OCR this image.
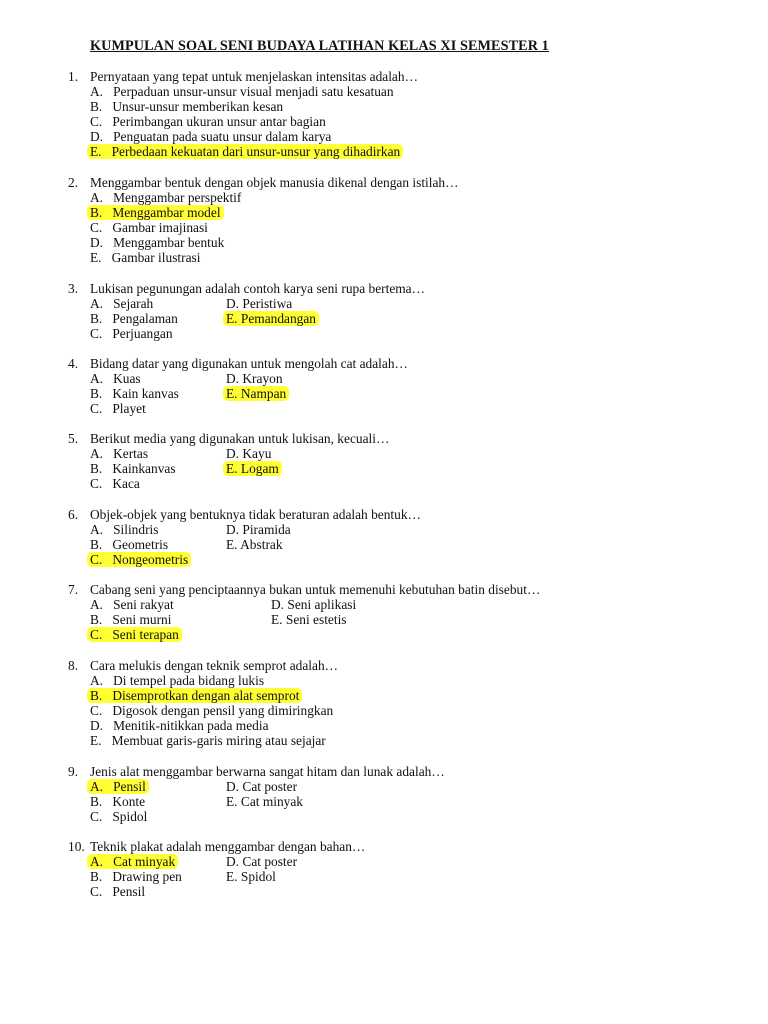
KUMPULAN SOAL SENI BUDAYA LATIHAN KELAS XI SEMESTER 1
1. Pernyataan yang tepat untuk menjelaskan intensitas adalah…
A. Perpaduan unsur-unsur visual menjadi satu kesatuan
B. Unsur-unsur memberikan kesan
C. Perimbangan ukuran unsur antar bagian
D. Penguatan pada suatu unsur dalam karya
E. Perbedaan kekuatan dari unsur-unsur yang dihadirkan
2. Menggambar bentuk dengan objek manusia dikenal dengan istilah…
A. Menggambar perspektif
B. Menggambar model
C. Gambar imajinasi
D. Menggambar bentuk
E. Gambar ilustrasi
3. Lukisan pegunungan adalah contoh karya seni rupa bertema…
A. Sejarah	D. Peristiwa
B. Pengalaman	E. Pemandangan
C. Perjuangan
4. Bidang datar yang digunakan untuk mengolah cat adalah…
A. Kuas	D. Krayon
B. Kain kanvas	E. Nampan
C. Playet
5. Berikut media yang digunakan untuk lukisan, kecuali…
A. Kertas	D. Kayu
B. Kainkanvas	E. Logam
C. Kaca
6. Objek-objek yang bentuknya tidak beraturan adalah bentuk…
A. Silindris	D. Piramida
B. Geometris	E. Abstrak
C. Nongeometris
7. Cabang seni yang penciptaannya bukan untuk memenuhi kebutuhan batin disebut…
A. Seni rakyat	D. Seni aplikasi
B. Seni murni	E. Seni estetis
C. Seni terapan
8. Cara melukis dengan teknik semprot adalah…
A. Di tempel pada bidang lukis
B. Disemprotkan dengan alat semprot
C. Digosok dengan pensil yang dimiringkan
D. Menitik-nitikkan pada media
E. Membuat garis-garis miring atau sejajar
9. Jenis alat menggambar berwarna sangat hitam dan lunak adalah…
A. Pensil	D. Cat poster
B. Konte	E. Cat minyak
C. Spidol
10. Teknik plakat adalah menggambar dengan bahan…
A. Cat minyak	D. Cat poster
B. Drawing pen	E. Spidol
C. Pensil
